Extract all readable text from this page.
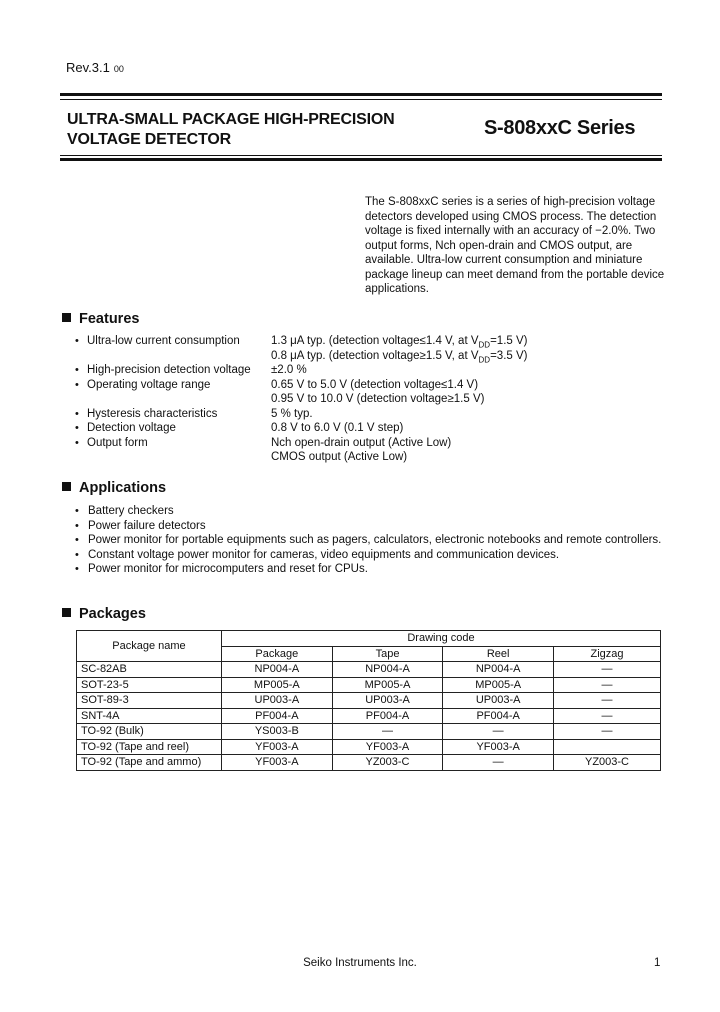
Rev.3.1 00
ULTRA-SMALL PACKAGE HIGH-PRECISION
VOLTAGE DETECTOR
S-808xxC Series
The S-808xxC series is a series of high-precision voltage detectors developed using CMOS process. The detection voltage is fixed internally with an accuracy of −2.0%. Two output forms, Nch open-drain and CMOS output, are available. Ultra-low current consumption and miniature package lineup can meet demand from the portable device applications.
Features
• Ultra-low current consumption	1.3 μA typ. (detection voltage≤1.4 V, at $V_{DD}=1.5$ V)
0.8 μA typ. (detection voltage≥1.5 V, at $V_{DD}=3.5$ V)
• High-precision detection voltage ±2.0 %
• Operating voltage range	0.65 V to 5.0 V (detection voltage≤1.4 V)
0.95 V to 10.0 V (detection voltage≥1.5 V)
• Hysteresis characteristics	5 % typ.
• Detection voltage	0.8 V to 6.0 V (0.1 V step)
• Output form	Nch open-drain output (Active Low)
CMOS output (Active Low)
Applications
• Battery checkers
• Power failure detectors
• Power monitor for portable equipments such as pagers, calculators, electronic notebooks and remote controllers.
• Constant voltage power monitor for cameras, video equipments and communication devices.
• Power monitor for microcomputers and reset for CPUs.
Packages
Package name	Drawing code			
	Package	Tape	Reel	Zigzag
SC-82AB	NP004-A	NP004-A	NP004-A	—
SOT-23-5	MP005-A	MP005-A	MP005-A	—
SOT-89-3	UP003-A	UP003-A	UP003-A	—
SNT-4A	PF004-A	PF004-A	PF004-A	—
TO-92 (Bulk)	YS003-B	—	—	—
TO-92 (Tape and reel)	YF003-A	YF003-A	YF003-A	
TO-92 (Tape and ammo)	YF003-A	YZ003-C	—	YZ003-C
Seiko Instruments Inc.	1
